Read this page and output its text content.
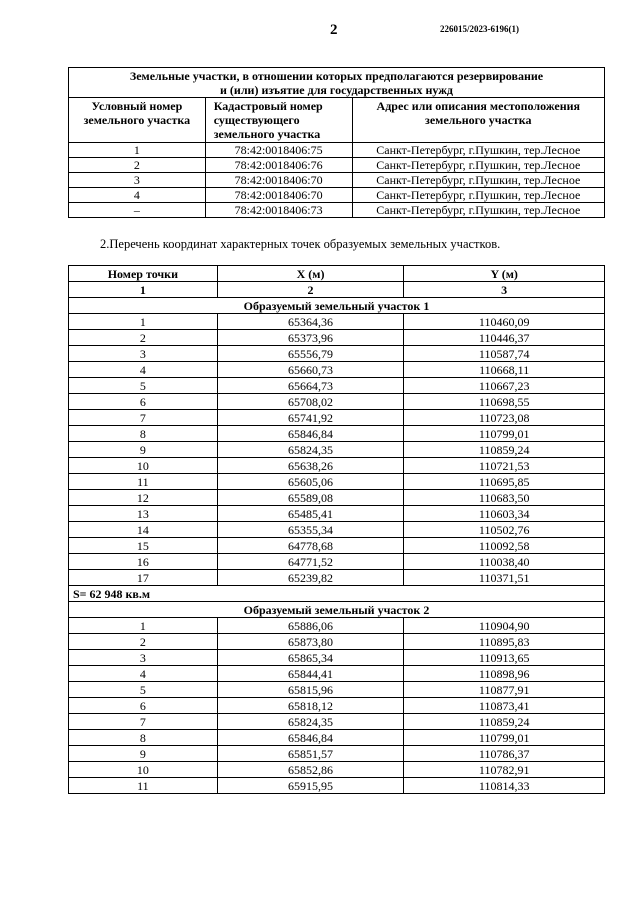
2	226015/2023-6196(1)
Земельные участки, в отношении которых предполагаются резервирование
и (или) изъятие для государственных нужд		

Условный номер земельного участка	Кадастровый номер существующего земельного участка	Адрес или описания местоположения земельного участка
1	78:42:0018406:75	Санкт-Петербург, г.Пушкин, тер.Лесное
2	78:42:0018406:76	Санкт-Петербург, г.Пушкин, тер.Лесное
3	78:42:0018406:70	Санкт-Петербург, г.Пушкин, тер.Лесное
4	78:42:0018406:70	Санкт-Петербург, г.Пушкин, тер.Лесное
–	78:42:0018406:73	Санкт-Петербург, г.Пушкин, тер.Лесное
2.Перечень координат характерных точек образуемых земельных участков.
Номер точки	X (м)	Y (м)
1	2	3
Образуемый земельный участок 1		
1	65364,36	110460,09
2	65373,96	110446,37
3	65556,79	110587,74
4	65660,73	110668,11
5	65664,73	110667,23
6	65708,02	110698,55
7	65741,92	110723,08
8	65846,84	110799,01
9	65824,35	110859,24
10	65638,26	110721,53
11	65605,06	110695,85
12	65589,08	110683,50
13	65485,41	110603,34
14	65355,34	110502,76
15	64778,68	110092,58
16	64771,52	110038,40
17	65239,82	110371,51
S= 62 948 кв.м		
Образуемый земельный участок 2		
1	65886,06	110904,90
2	65873,80	110895,83
3	65865,34	110913,65
4	65844,41	110898,96
5	65815,96	110877,91
6	65818,12	110873,41
7	65824,35	110859,24
8	65846,84	110799,01
9	65851,57	110786,37
10	65852,86	110782,91
11	65915,95	110814,33
